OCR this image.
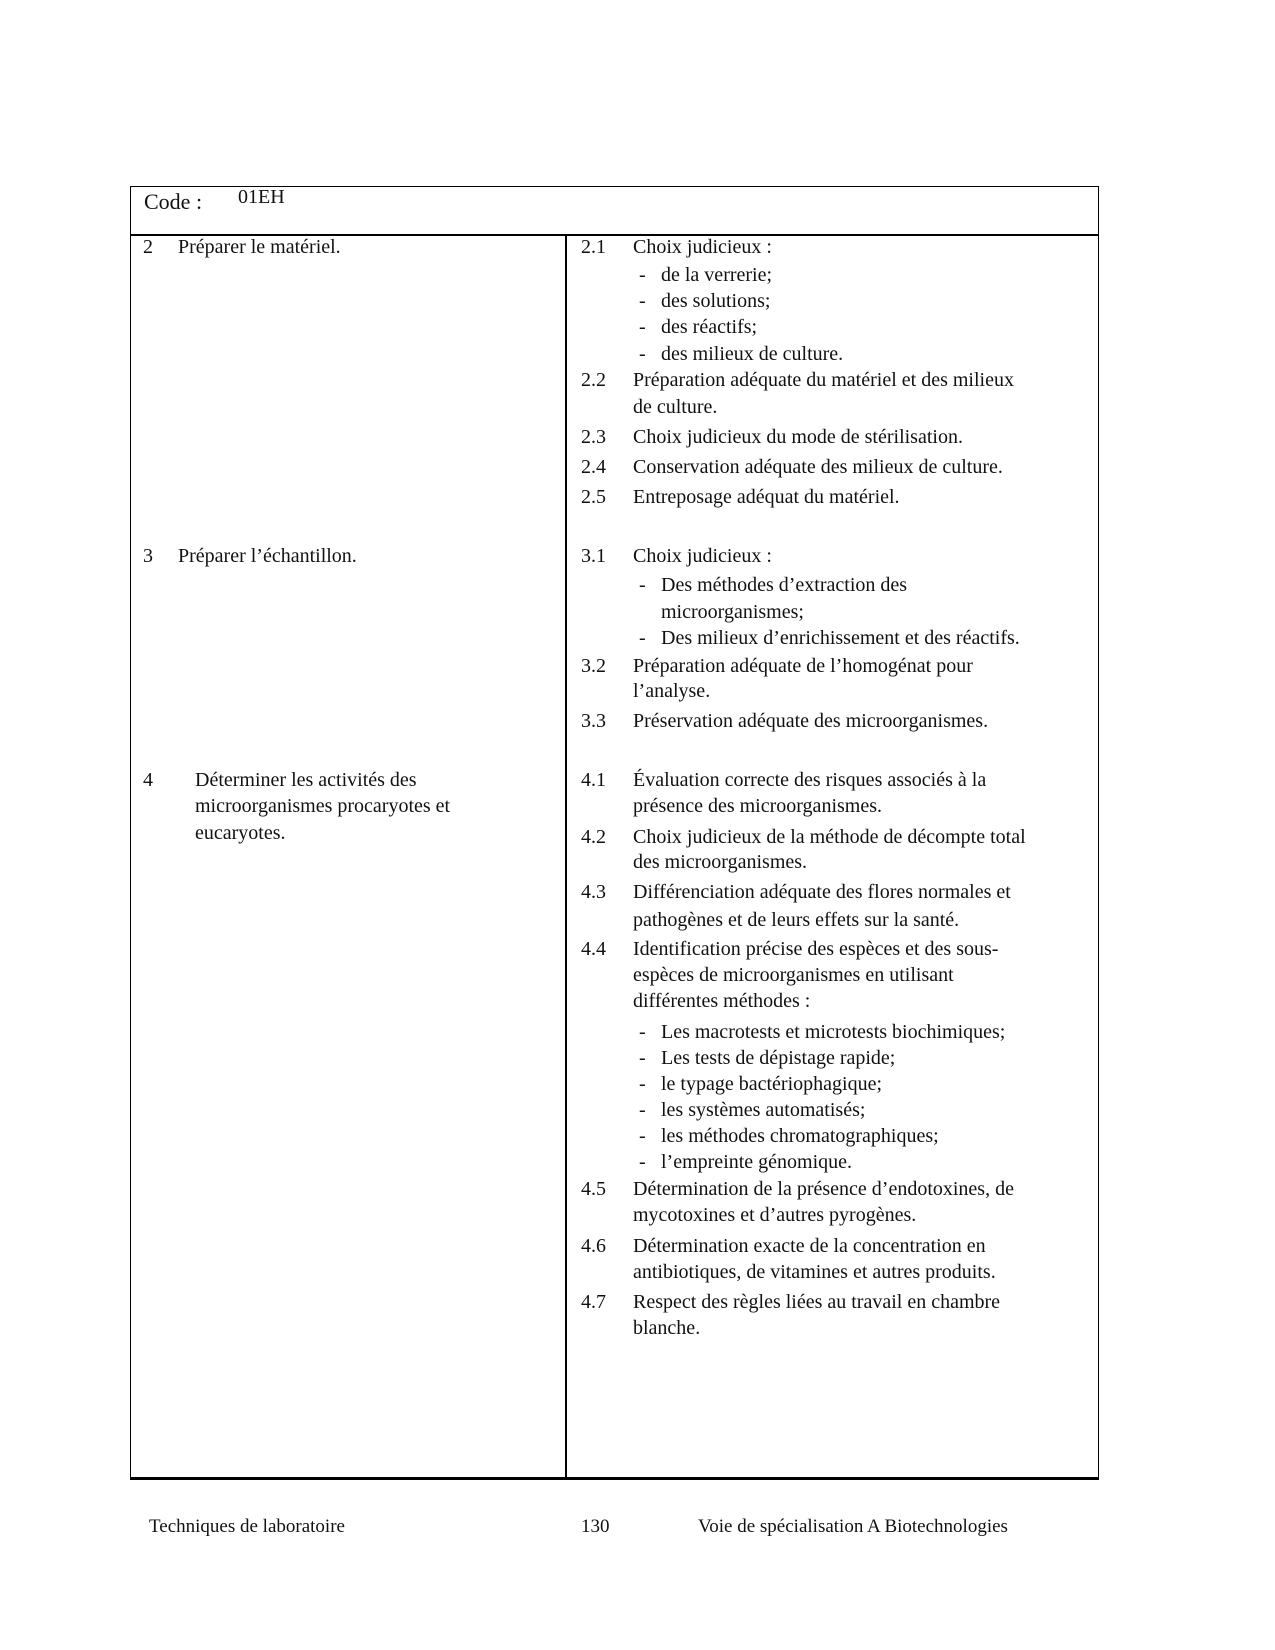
Code : 01EH
2 Préparer le matériel.	2.1 Choix judicieux :
- de la verrerie;
- des solutions;
- des réactifs;
- des milieux de culture.
2.2 Préparation adéquate du matériel et des milieux
de culture.
2.3 Choix judicieux du mode de stérilisation.
2.4 Conservation adéquate des milieux de culture.
2.5 Entreposage adéquat du matériel.
3 Préparer l’échantillon.	3.1 Choix judicieux :
- Des méthodes d’extraction des
microorganismes;
- Des milieux d’enrichissement et des réactifs.
3.2 Préparation adéquate de l’homogénat pour
l’analyse.
3.3 Préservation adéquate des microorganismes.
4 Déterminer les activités des
microorganismes procaryotes et
eucaryotes.
4.1 Évaluation correcte des risques associés à la
présence des microorganismes.
4.2 Choix judicieux de la méthode de décompte total
des microorganismes.
4.3 Différenciation adéquate des flores normales et
pathogènes et de leurs effets sur la santé.
4.4 Identification précise des espèces et des sous-
espèces de microorganismes en utilisant
différentes méthodes :
- Les macrotests et microtests biochimiques;
- Les tests de dépistage rapide;
- le typage bactériophagique;
- les systèmes automatisés;
- les méthodes chromatographiques;
- l’empreinte génomique.
4.5 Détermination de la présence d’endotoxines, de
mycotoxines et d’autres pyrogènes.
4.6 Détermination exacte de la concentration en
antibiotiques, de vitamines et autres produits.
4.7 Respect des règles liées au travail en chambre
blanche.
Techniques de laboratoire	130	Voie de spécialisation A Biotechnologies
